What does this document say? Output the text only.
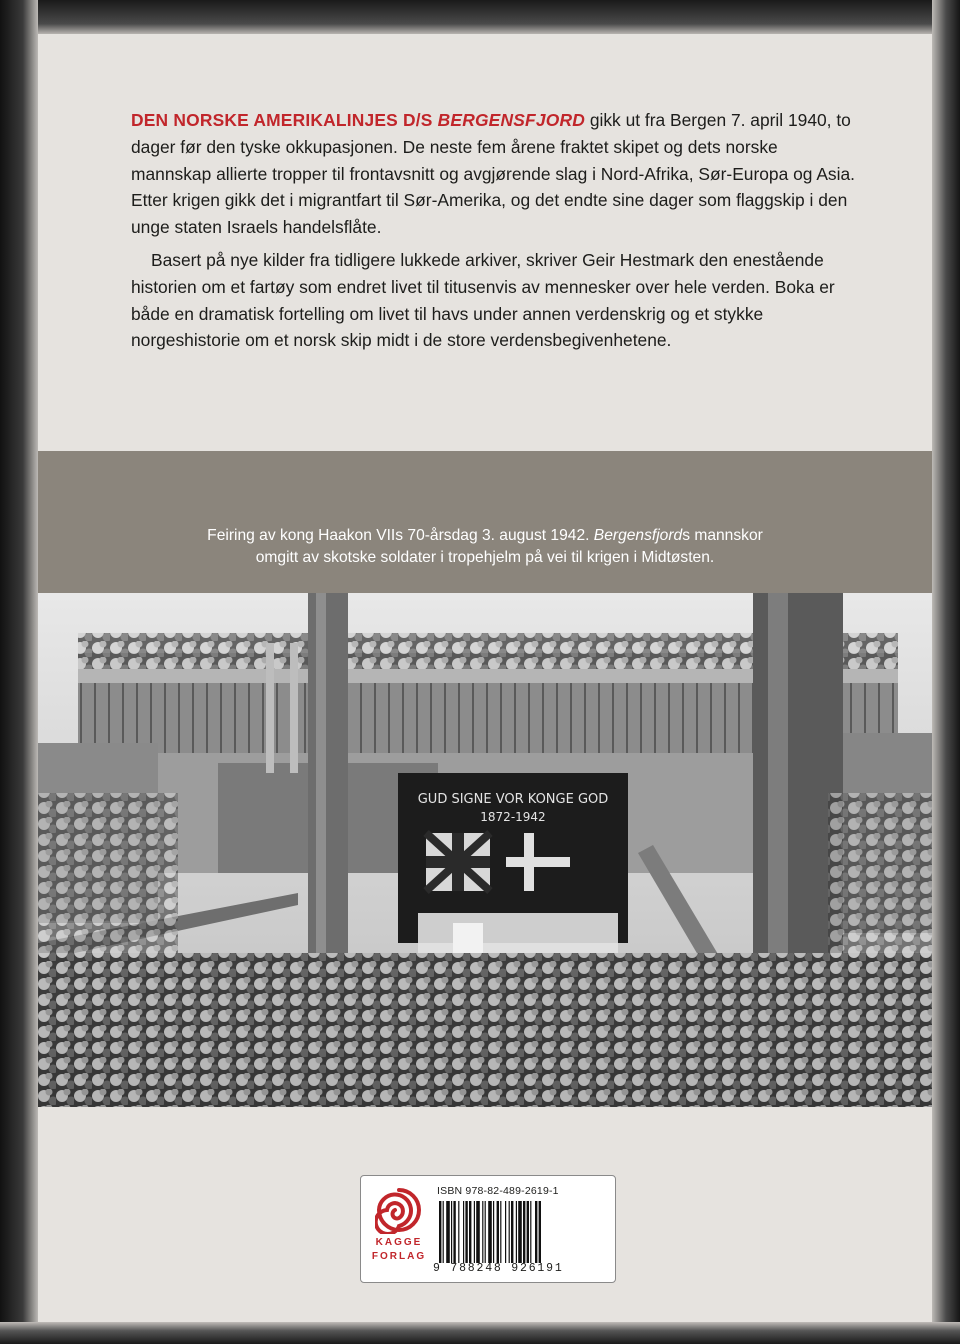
DEN NORSKE AMERIKALINJES D/S BERGENSFJORD gikk ut fra Bergen 7. april 1940, to dager før den tyske okkupasjonen. De neste fem årene fraktet skipet og dets norske mannskap allierte tropper til frontavsnitt og avgjørende slag i Nord-Afrika, Sør-Europa og Asia. Etter krigen gikk det i migrantfart til Sør-Amerika, og det endte sine dager som flaggskip i den unge staten Israels handelsflåte.

Basert på nye kilder fra tidligere lukkede arkiver, skriver Geir Hestmark den enestående historien om et fartøy som endret livet til titusenvis av mennesker over hele verden. Boka er både en dramatisk fortelling om livet til havs under annen verdenskrig og et stykke norgeshistorie om et norsk skip midt i de store verdensbegivenhetene.

Feiring av kong Haakon VIIs 70-årsdag 3. august 1942. Bergensfjords mannskor
omgitt av skotske soldater i tropehjelm på vei til krigen i Midtøsten.
GUD SIGNE VOR KONGE GOD
1872-1942
KAGGE
FORLAG
ISBN 978-82-489-2619-1
9 788248 926191
